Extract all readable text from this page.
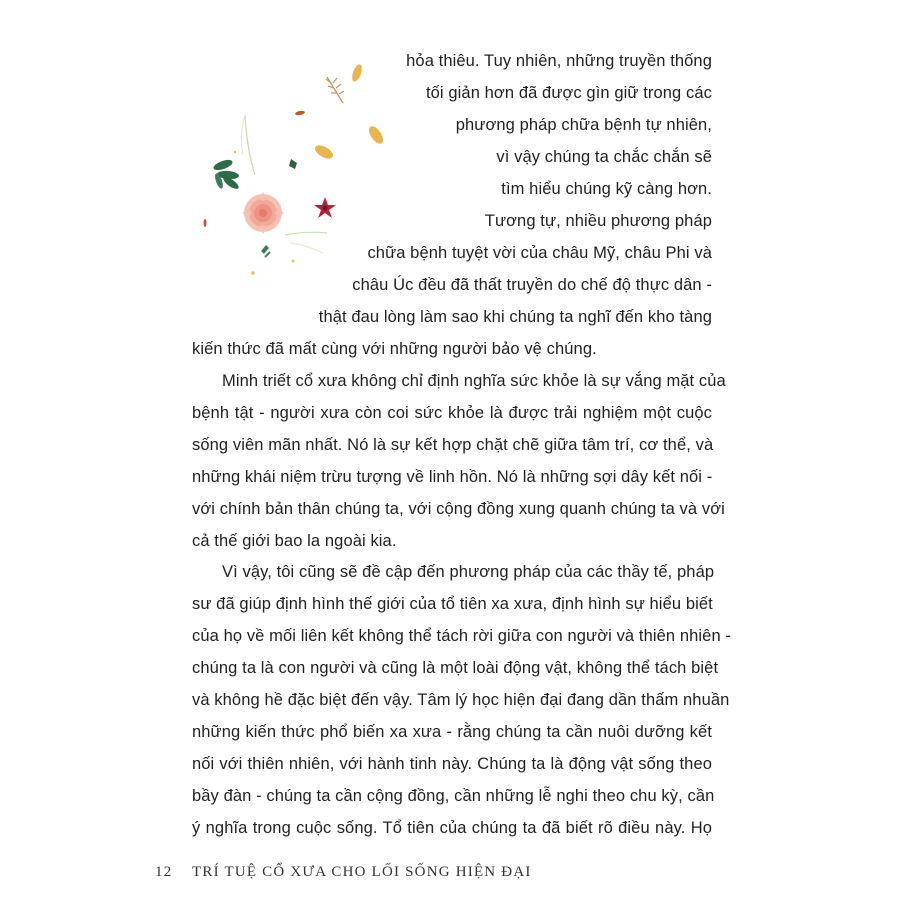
hỏa thiêu. Tuy nhiên, những truyền thống
tối giản hơn đã được gìn giữ trong các
phương pháp chữa bệnh tự nhiên,
vì vậy chúng ta chắc chắn sẽ
tìm hiểu chúng kỹ càng hơn.
Tương tự, nhiều phương pháp
chữa bệnh tuyệt vời của châu Mỹ, châu Phi và
châu Úc đều đã thất truyền do chế độ thực dân -
thật đau lòng làm sao khi chúng ta nghĩ đến kho tàng
kiến thức đã mất cùng với những người bảo vệ chúng.
Minh triết cổ xưa không chỉ định nghĩa sức khỏe là sự vắng mặt của
bệnh tật - người xưa còn coi sức khỏe là được trải nghiệm một cuộc
sống viên mãn nhất. Nó là sự kết hợp chặt chẽ giữa tâm trí, cơ thể, và
những khái niệm trừu tượng về linh hồn. Nó là những sợi dây kết nối -
với chính bản thân chúng ta, với cộng đồng xung quanh chúng ta và với
cả thế giới bao la ngoài kia.
Vì vậy, tôi cũng sẽ đề cập đến phương pháp của các thầy tế, pháp
sư đã giúp định hình thế giới của tổ tiên xa xưa, định hình sự hiểu biết
của họ về mối liên kết không thể tách rời giữa con người và thiên nhiên -
chúng ta là con người và cũng là một loài động vật, không thể tách biệt
và không hề đặc biệt đến vậy. Tâm lý học hiện đại đang dần thấm nhuần
những kiến thức phổ biến xa xưa - rằng chúng ta cần nuôi dưỡng kết
nối với thiên nhiên, với hành tinh này. Chúng ta là động vật sống theo
bầy đàn - chúng ta cần cộng đồng, cần những lễ nghi theo chu kỳ, cần
ý nghĩa trong cuộc sống. Tổ tiên của chúng ta đã biết rõ điều này. Họ
12 TRÍ TUỆ CỔ XƯA CHO LỐI SỐNG HIỆN ĐẠI
